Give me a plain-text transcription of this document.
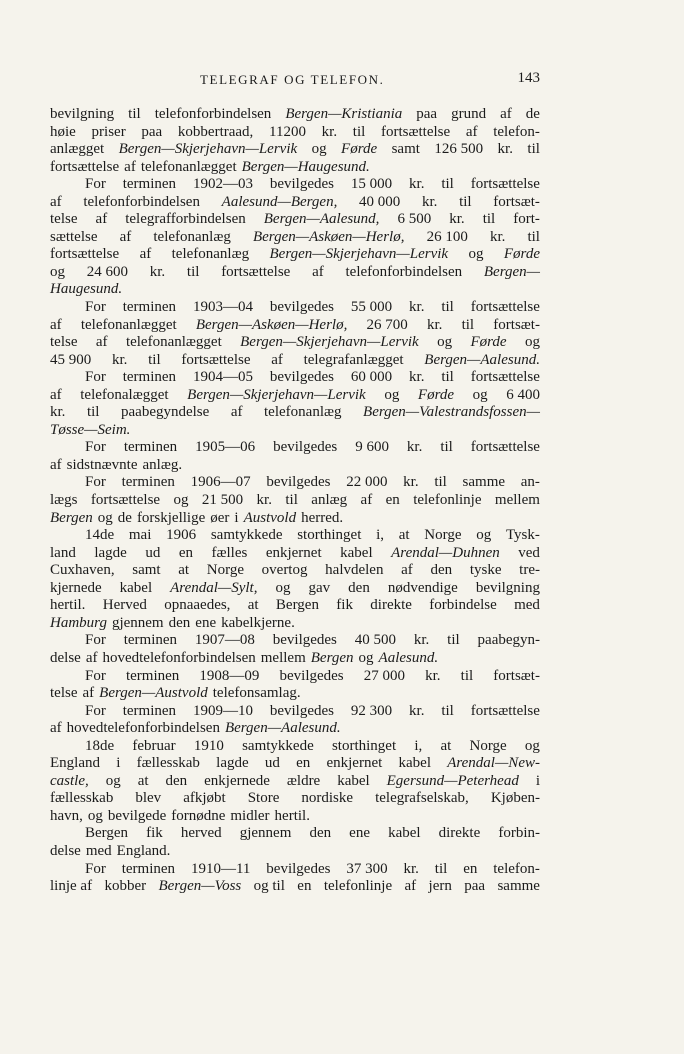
TELEGRAF OG TELEFON.	143
bevilgning til telefonforbindelsen Bergen—Kristiania paa grund af de
høie priser paa kobbertraad, 11200 kr. til fortsættelse af telefon-
anlægget Bergen—Skjerjehavn—Lervik og Førde samt 126 500 kr. til
fortsættelse af telefonanlægget Bergen—Haugesund.
For terminen 1902—03 bevilgedes 15 000 kr. til fortsættelse
af telefonforbindelsen Aalesund—Bergen, 40 000 kr. til fortsæt-
telse af telegrafforbindelsen Bergen—Aalesund, 6 500 kr. til fort-
sættelse af telefonanlæg Bergen—Askøen—Herlø, 26 100 kr. til
fortsættelse af telefonanlæg Bergen—Skjerjehavn—Lervik og Førde
og 24 600 kr. til fortsættelse af telefonforbindelsen Bergen—
Haugesund.
For terminen 1903—04 bevilgedes 55 000 kr. til fortsættelse
af telefonanlægget Bergen—Askøen—Herlø, 26 700 kr. til fortsæt-
telse af telefonanlægget Bergen—Skjerjehavn—Lervik og Førde og
45 900 kr. til fortsættelse af telegrafanlægget Bergen—Aalesund.
For terminen 1904—05 bevilgedes 60 000 kr. til fortsættelse
af telefonalægget Bergen—Skjerjehavn—Lervik og Førde og 6 400
kr. til paabegyndelse af telefonanlæg Bergen—Valestrandsfossen—
Tøsse—Seim.
For terminen 1905—06 bevilgedes 9 600 kr. til fortsættelse
af sidstnævnte anlæg.
For terminen 1906—07 bevilgedes 22 000 kr. til samme an-
lægs fortsættelse og 21 500 kr. til anlæg af en telefonlinje mellem
Bergen og de forskjellige øer i Austvold herred.
14de mai 1906 samtykkede storthinget i, at Norge og Tysk-
land lagde ud en fælles enkjernet kabel Arendal—Duhnen ved
Cuxhaven, samt at Norge overtog halvdelen af den tyske tre-
kjernede kabel Arendal—Sylt, og gav den nødvendige bevilgning
hertil. Herved opnaaedes, at Bergen fik direkte forbindelse med
Hamburg gjennem den ene kabelkjerne.
For terminen 1907—08 bevilgedes 40 500 kr. til paabegyn-
delse af hovedtelefonforbindelsen mellem Bergen og Aalesund.
For terminen 1908—09 bevilgedes 27 000 kr. til fortsæt-
telse af Bergen—Austvold telefonsamlag.
For terminen 1909—10 bevilgedes 92 300 kr. til fortsættelse
af hovedtelefonforbindelsen Bergen—Aalesund.
18de februar 1910 samtykkede storthinget i, at Norge og
England i fællesskab lagde ud en enkjernet kabel Arendal—New-
castle, og at den enkjernede ældre kabel Egersund—Peterhead i
fællesskab blev afkjøbt Store nordiske telegrafselskab, Kjøben-
havn, og bevilgede fornødne midler hertil.
Bergen fik herved gjennem den ene kabel direkte forbin-
delse med England.
For terminen 1910—11 bevilgedes 37 300 kr. til en telefon-
linje af kobber Bergen—Voss og til en telefonlinje af jern paa samme
